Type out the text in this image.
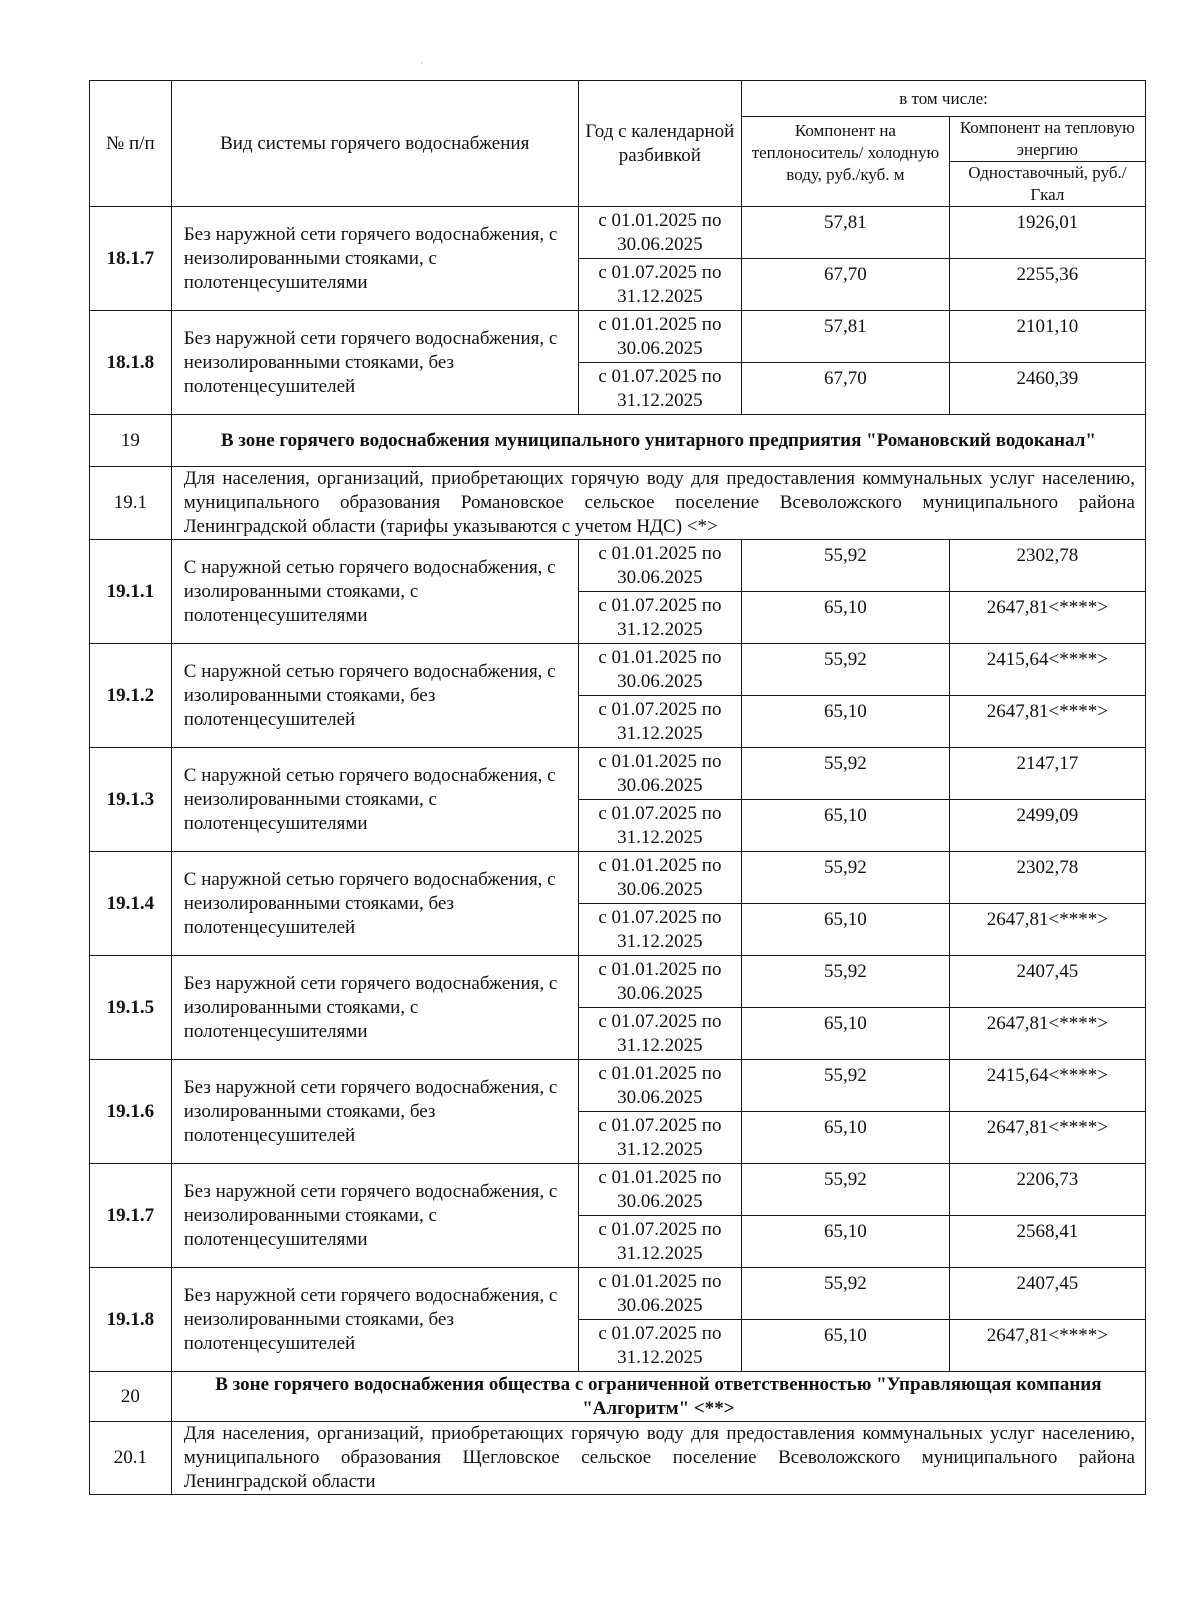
№ п/п	Вид системы горячего водоснабжения	Год с календарной разбивкой	в том числе:	
			Компонент на теплоноситель/ холодную воду, руб./куб. м	Компонент на тепловую энергию
				Одноставочный, руб./Гкал
18.1.7	Без наружной сети горячего водоснабжения, с неизолированными стояками, с полотенцесушителями	с 01.01.2025 по 30.06.2025	57,81	1926,01
		с 01.07.2025 по 31.12.2025	67,70	2255,36
18.1.8	Без наружной сети горячего водоснабжения, с неизолированными стояками, без полотенцесушителей	с 01.01.2025 по 30.06.2025	57,81	2101,10
		с 01.07.2025 по 31.12.2025	67,70	2460,39
19	В зоне горячего водоснабжения муниципального унитарного предприятия "Романовский водоканал"			
19.1	Для населения, организаций, приобретающих горячую воду для предоставления коммунальных услуг населению, муниципального образования Романовское сельское поселение Всеволожского муниципального района Ленинградской области (тарифы указываются с учетом НДС) <*>			
19.1.1	С наружной сетью горячего водоснабжения, с изолированными стояками, с полотенцесушителями	с 01.01.2025 по 30.06.2025	55,92	2302,78
		с 01.07.2025 по 31.12.2025	65,10	2647,81<****>
19.1.2	С наружной сетью горячего водоснабжения, с изолированными стояками, без полотенцесушителей	с 01.01.2025 по 30.06.2025	55,92	2415,64<****>
		с 01.07.2025 по 31.12.2025	65,10	2647,81<****>
19.1.3	С наружной сетью горячего водоснабжения, с неизолированными стояками, с полотенцесушителями	с 01.01.2025 по 30.06.2025	55,92	2147,17
		с 01.07.2025 по 31.12.2025	65,10	2499,09
19.1.4	С наружной сетью горячего водоснабжения, с неизолированными стояками, без полотенцесушителей	с 01.01.2025 по 30.06.2025	55,92	2302,78
		с 01.07.2025 по 31.12.2025	65,10	2647,81<****>
19.1.5	Без наружной сети горячего водоснабжения, с изолированными стояками, с полотенцесушителями	с 01.01.2025 по 30.06.2025	55,92	2407,45
		с 01.07.2025 по 31.12.2025	65,10	2647,81<****>
19.1.6	Без наружной сети горячего водоснабжения, с изолированными стояками, без полотенцесушителей	с 01.01.2025 по 30.06.2025	55,92	2415,64<****>
		с 01.07.2025 по 31.12.2025	65,10	2647,81<****>
19.1.7	Без наружной сети горячего водоснабжения, с неизолированными стояками, с полотенцесушителями	с 01.01.2025 по 30.06.2025	55,92	2206,73
		с 01.07.2025 по 31.12.2025	65,10	2568,41
19.1.8	Без наружной сети горячего водоснабжения, с неизолированными стояками, без полотенцесушителей	с 01.01.2025 по 30.06.2025	55,92	2407,45
		с 01.07.2025 по 31.12.2025	65,10	2647,81<****>
20	В зоне горячего водоснабжения общества с ограниченной ответственностью "Управляющая компания "Алгоритм" <**>			
20.1	Для населения, организаций, приобретающих горячую воду для предоставления коммунальных услуг населению, муниципального образования Щегловское сельское поселение Всеволожского муниципального района Ленинградской области			
·
